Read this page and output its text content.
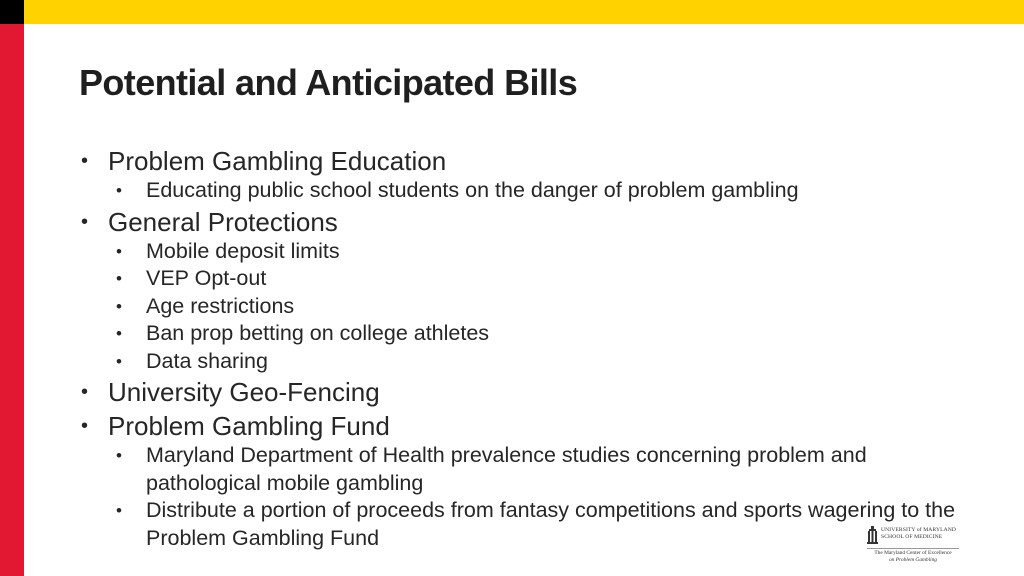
Potential and Anticipated Bills
• Problem Gambling Education
• Educating public school students on the danger of problem gambling
• General Protections
• Mobile deposit limits
• VEP Opt-out
• Age restrictions
• Ban prop betting on college athletes
• Data sharing
• University Geo-Fencing
• Problem Gambling Fund
• Maryland Department of Health prevalence studies concerning problem and pathological mobile gambling
• Distribute a portion of proceeds from fantasy competitions and sports wagering to the Problem Gambling Fund	UNIVERSITY of MARYLAND
SCHOOL OF MEDICINE
The Maryland Center of Excellence
on Problem Gambling
